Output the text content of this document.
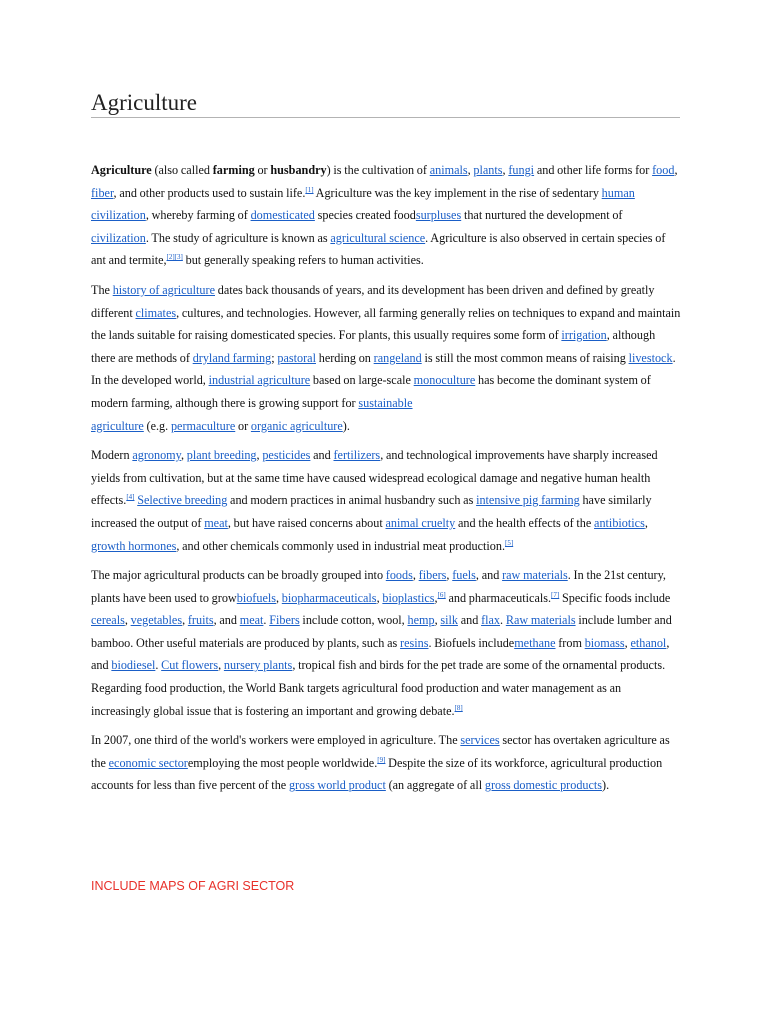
Agriculture

Agriculture (also called farming or husbandry) is the cultivation of animals, plants, fungi and other life forms for food, fiber, and other products used to sustain life.[1] Agriculture was the key implement in the rise of sedentary human civilization, whereby farming of domesticated species created foodsurpluses that nurtured the development of civilization. The study of agriculture is known as agricultural science. Agriculture is also observed in certain species of ant and termite,[2][3] but generally speaking refers to human activities.

The history of agriculture dates back thousands of years, and its development has been driven and defined by greatly different climates, cultures, and technologies. However, all farming generally relies on techniques to expand and maintain the lands suitable for raising domesticated species. For plants, this usually requires some form of irrigation, although there are methods of dryland farming; pastoral herding on rangeland is still the most common means of raising livestock. In the developed world, industrial agriculture based on large-scale monoculture has become the dominant system of modern farming, although there is growing support for sustainable
agriculture (e.g. permaculture or organic agriculture).

Modern agronomy, plant breeding, pesticides and fertilizers, and technological improvements have sharply increased yields from cultivation, but at the same time have caused widespread ecological damage and negative human health effects.[4] Selective breeding and modern practices in animal husbandry such as intensive pig farming have similarly increased the output of meat, but have raised concerns about animal cruelty and the health effects of the antibiotics, growth hormones, and other chemicals commonly used in industrial meat production.[5]

The major agricultural products can be broadly grouped into foods, fibers, fuels, and raw materials. In the 21st century, plants have been used to growbiofuels, biopharmaceuticals, bioplastics,[6] and pharmaceuticals.[7] Specific foods include cereals, vegetables, fruits, and meat. Fibers include cotton, wool, hemp, silk and flax. Raw materials include lumber and bamboo. Other useful materials are produced by plants, such as resins. Biofuels includemethane from biomass, ethanol, and biodiesel. Cut flowers, nursery plants, tropical fish and birds for the pet trade are some of the ornamental products. Regarding food production, the World Bank targets agricultural food production and water management as an increasingly global issue that is fostering an important and growing debate.[8]

In 2007, one third of the world's workers were employed in agriculture. The services sector has overtaken agriculture as the economic sectoremploying the most people worldwide.[9] Despite the size of its workforce, agricultural production accounts for less than five percent of the gross world product (an aggregate of all gross domestic products).

INCLUDE MAPS OF AGRI SECTOR
